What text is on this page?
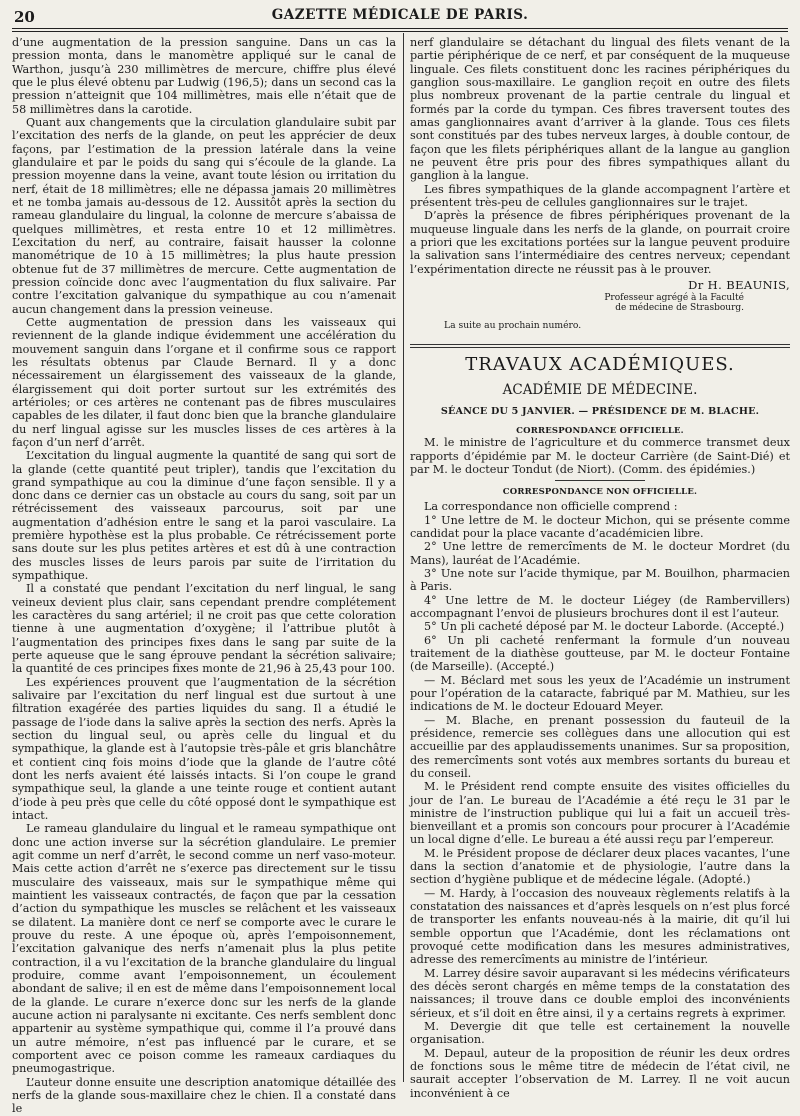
20	GAZETTE MÉDICALE DE PARIS.

d’une augmentation de la pression sanguine. Dans un cas la pression monta, dans le manomètre appliqué sur le canal de Warthon, jusqu’à 230 millimètres de mercure, chiffre plus élevé que le plus élevé obtenu par Ludwig (196,5); dans un second cas la pression n’atteignit que 104 millimètres, mais elle n’était que de 58 millimètres dans la carotide.

Quant aux changements que la circulation glandulaire subit par l’excitation des nerfs de la glande, on peut les apprécier de deux façons, par l’estimation de la pression latérale dans la veine glandulaire et par le poids du sang qui s’écoule de la glande. La pression moyenne dans la veine, avant toute lésion ou irritation du nerf, était de 18 millimètres; elle ne dépassa jamais 20 millimètres et ne tomba jamais au-dessous de 12. Aussitôt après la section du rameau glandulaire du lingual, la colonne de mercure s’abaissa de quelques millimètres, et resta entre 10 et 12 millimètres. L’excitation du nerf, au contraire, faisait hausser la colonne manométrique de 10 à 15 millimètres; la plus haute pression obtenue fut de 37 millimètres de mercure. Cette augmentation de pression coïncide donc avec l’augmentation du flux salivaire. Par contre l’excitation galvanique du sympathique au cou n’amenait aucun changement dans la pression veineuse.

Cette augmentation de pression dans les vaisseaux qui reviennent de la glande indique évidemment une accélération du mouvement sanguin dans l’organe et il confirme sous ce rapport les résultats obtenus par Claude Bernard. Il y a donc nécessairement un élargissement des vaisseaux de la glande, élargissement qui doit porter surtout sur les extrémités des artérioles; or ces artères ne contenant pas de fibres musculaires capables de les dilater, il faut donc bien que la branche glandulaire du nerf lingual agisse sur les muscles lisses de ces artères à la façon d’un nerf d’arrêt.

L’excitation du lingual augmente la quantité de sang qui sort de la glande (cette quantité peut tripler), tandis que l’excitation du grand sympathique au cou la diminue d’une façon sensible. Il y a donc dans ce dernier cas un obstacle au cours du sang, soit par un rétrécissement des vaisseaux parcourus, soit par une augmentation d’adhésion entre le sang et la paroi vasculaire. La première hypothèse est la plus probable. Ce rétrécissement porte sans doute sur les plus petites artères et est dû à une contraction des muscles lisses de leurs parois par suite de l’irritation du sympathique.

Il a constaté que pendant l’excitation du nerf lingual, le sang veineux devient plus clair, sans cependant prendre complétement les caractères du sang artériel; il ne croit pas que cette coloration tienne à une augmentation d’oxygène; il l’attribue plutôt à l’augmentation des principes fixes dans le sang par suite de la perte aqueuse que le sang éprouve pendant la sécrétion salivaire; la quantité de ces principes fixes monte de 21,96 à 25,43 pour 100.

Les expériences prouvent que l’augmentation de la sécrétion salivaire par l’excitation du nerf lingual est due surtout à une filtration exagérée des parties liquides du sang. Il a étudié le passage de l’iode dans la salive après la section des nerfs. Après la section du lingual seul, ou après celle du lingual et du sympathique, la glande est à l’autopsie très-pâle et gris blanchâtre et contient cinq fois moins d’iode que la glande de l’autre côté dont les nerfs avaient été laissés intacts. Si l’on coupe le grand sympathique seul, la glande a une teinte rouge et contient autant d’iode à peu près que celle du côté opposé dont le sympathique est intact.

Le rameau glandulaire du lingual et le rameau sympathique ont donc une action inverse sur la sécrétion glandulaire. Le premier agit comme un nerf d’arrêt, le second comme un nerf vaso-moteur. Mais cette action d’arrêt ne s’exerce pas directement sur le tissu musculaire des vaisseaux, mais sur le sympathique même qui maintient les vaisseaux contractés, de façon que par la cessation d’action du sympathique les muscles se relâchent et les vaisseaux se dilatent. La manière dont ce nerf se comporte avec le curare le prouve du reste. A une époque où, après l’empoisonnement, l’excitation galvanique des nerfs n’amenait plus la plus petite contraction, il a vu l’excitation de la branche glandulaire du lingual produire, comme avant l’empoisonnement, un écoulement abondant de salive; il en est de même dans l’empoisonnement local de la glande. Le curare n’exerce donc sur les nerfs de la glande aucune action ni paralysante ni excitante. Ces nerfs semblent donc appartenir au système sympathique qui, comme il l’a prouvé dans un autre mémoire, n’est pas influencé par le curare, et se comportent avec ce poison comme les rameaux cardiaques du pneumogastrique.

L’auteur donne ensuite une description anatomique détaillée des nerfs de la glande sous-maxillaire chez le chien. Il a constaté dans le

nerf glandulaire se détachant du lingual des filets venant de la partie périphérique de ce nerf, et par conséquent de la muqueuse linguale. Ces filets constituent donc les racines périphériques du ganglion sous-maxillaire. Le ganglion reçoit en outre des filets plus nombreux provenant de la partie centrale du lingual et formés par la corde du tympan. Ces fibres traversent toutes des amas ganglionnaires avant d’arriver à la glande. Tous ces filets sont constitués par des tubes nerveux larges, à double contour, de façon que les filets périphériques allant de la langue au ganglion ne peuvent être pris pour des fibres sympathiques allant du ganglion à la langue.

Les fibres sympathiques de la glande accompagnent l’artère et présentent très-peu de cellules ganglionnaires sur le trajet.

D’après la présence de fibres périphériques provenant de la muqueuse linguale dans les nerfs de la glande, on pourrait croire a priori que les excitations portées sur la langue peuvent produire la salivation sans l’intermédiaire des centres nerveux; cependant l’expérimentation directe ne réussit pas à le prouver.

Dr H. BEAUNIS,
Professeur agrégé à la Faculté
de médecine de Strasbourg.
La suite au prochain numéro.
TRAVAUX ACADÉMIQUES.
ACADÉMIE DE MÉDECINE.
SÉANCE DU 5 JANVIER. — PRÉSIDENCE DE M. BLACHE.
CORRESPONDANCE OFFICIELLE.

M. le ministre de l’agriculture et du commerce transmet deux rapports d’épidémie par M. le docteur Carrière (de Saint-Dié) et par M. le docteur Tondut (de Niort). (Comm. des épidémies.)

CORRESPONDANCE NON OFFICIELLE.

La correspondance non officielle comprend :

1° Une lettre de M. le docteur Michon, qui se présente comme candidat pour la place vacante d’académicien libre.

2° Une lettre de remercîments de M. le docteur Mordret (du Mans), lauréat de l’Académie.

3° Une note sur l’acide thymique, par M. Bouilhon, pharmacien à Paris.

4° Une lettre de M. le docteur Liégey (de Rambervillers) accompagnant l’envoi de plusieurs brochures dont il est l’auteur.

5° Un pli cacheté déposé par M. le docteur Laborde. (Accepté.)

6° Un pli cacheté renfermant la formule d’un nouveau traitement de la diathèse goutteuse, par M. le docteur Fontaine (de Marseille). (Accepté.)

— M. Béclard met sous les yeux de l’Académie un instrument pour l’opération de la cataracte, fabriqué par M. Mathieu, sur les indications de M. le docteur Edouard Meyer.

— M. Blache, en prenant possession du fauteuil de la présidence, remercie ses collègues dans une allocution qui est accueillie par des applaudissements unanimes. Sur sa proposition, des remercîments sont votés aux membres sortants du bureau et du conseil.

M. le Président rend compte ensuite des visites officielles du jour de l’an. Le bureau de l’Académie a été reçu le 31 par le ministre de l’instruction publique qui lui a fait un accueil très-bienveillant et a promis son concours pour procurer à l’Académie un local digne d’elle. Le bureau a été aussi reçu par l’empereur.

M. le Président propose de déclarer deux places vacantes, l’une dans la section d’anatomie et de physiologie, l’autre dans la section d’hygiène publique et de médecine légale. (Adopté.)

— M. Hardy, à l’occasion des nouveaux règlements relatifs à la constatation des naissances et d’après lesquels on n’est plus forcé de transporter les enfants nouveau-nés à la mairie, dit qu’il lui semble opportun que l’Académie, dont les réclamations ont provoqué cette modification dans les mesures administratives, adresse des remercîments au ministre de l’intérieur.

M. Larrey désire savoir auparavant si les médecins vérificateurs des décès seront chargés en même temps de la constatation des naissances; il trouve dans ce double emploi des inconvénients sérieux, et s’il doit en être ainsi, il y a certains regrets à exprimer.

M. Devergie dit que telle est certainement la nouvelle organisation.

M. Depaul, auteur de la proposition de réunir les deux ordres de fonctions sous le même titre de médecin de l’état civil, ne saurait accepter l’observation de M. Larrey. Il ne voit aucun inconvénient à ce
